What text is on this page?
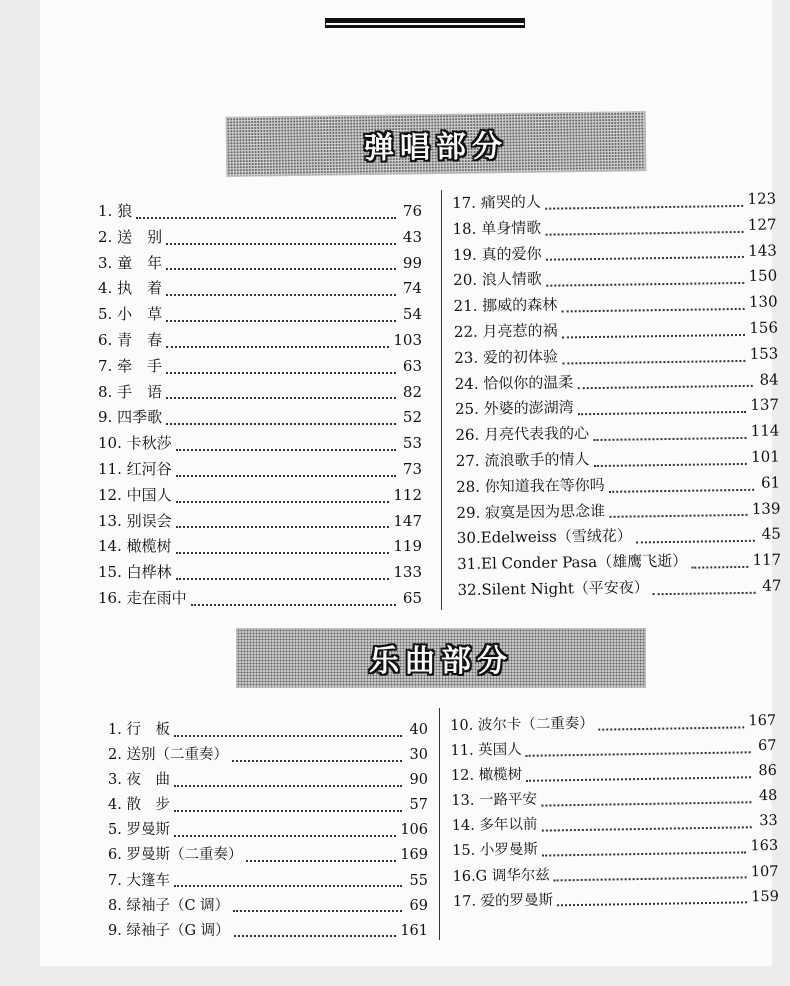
弹唱部分
1. 狼	76
2. 送　别	43
3. 童　年	99
4. 执　着	74
5. 小　草	54
6. 青　春	103
7. 牵　手	63
8. 手　语	82
9. 四季歌	52
10. 卡秋莎	53
11. 红河谷	73
12. 中国人	112
13. 别误会	147
14. 橄榄树	119
15. 白桦林	133
16. 走在雨中	65
17. 痛哭的人	123
18. 单身情歌	127
19. 真的爱你	143
20. 浪人情歌	150
21. 挪威的森林	130
22. 月亮惹的祸	156
23. 爱的初体验	153
24. 恰似你的温柔	84
25. 外婆的澎湖湾	137
26. 月亮代表我的心	114
27. 流浪歌手的情人	101
28. 你知道我在等你吗	61
29. 寂寞是因为思念谁	139
30.Edelweiss（雪绒花）	45
31.El Conder Pasa（雄鹰飞逝）	117
32.Silent Night（平安夜）	47
乐曲部分
1. 行　板	40
2. 送别（二重奏）	30
3. 夜　曲	90
4. 散　步	57
5. 罗曼斯	106
6. 罗曼斯（二重奏）	169
7. 大篷车	55
8. 绿袖子（C 调）	69
9. 绿袖子（G 调）	161
10. 波尔卡（二重奏）	167
11. 英国人	67
12. 橄榄树	86
13. 一路平安	48
14. 多年以前	33
15. 小罗曼斯	163
16.G 调华尔兹	107
17. 爱的罗曼斯	159
